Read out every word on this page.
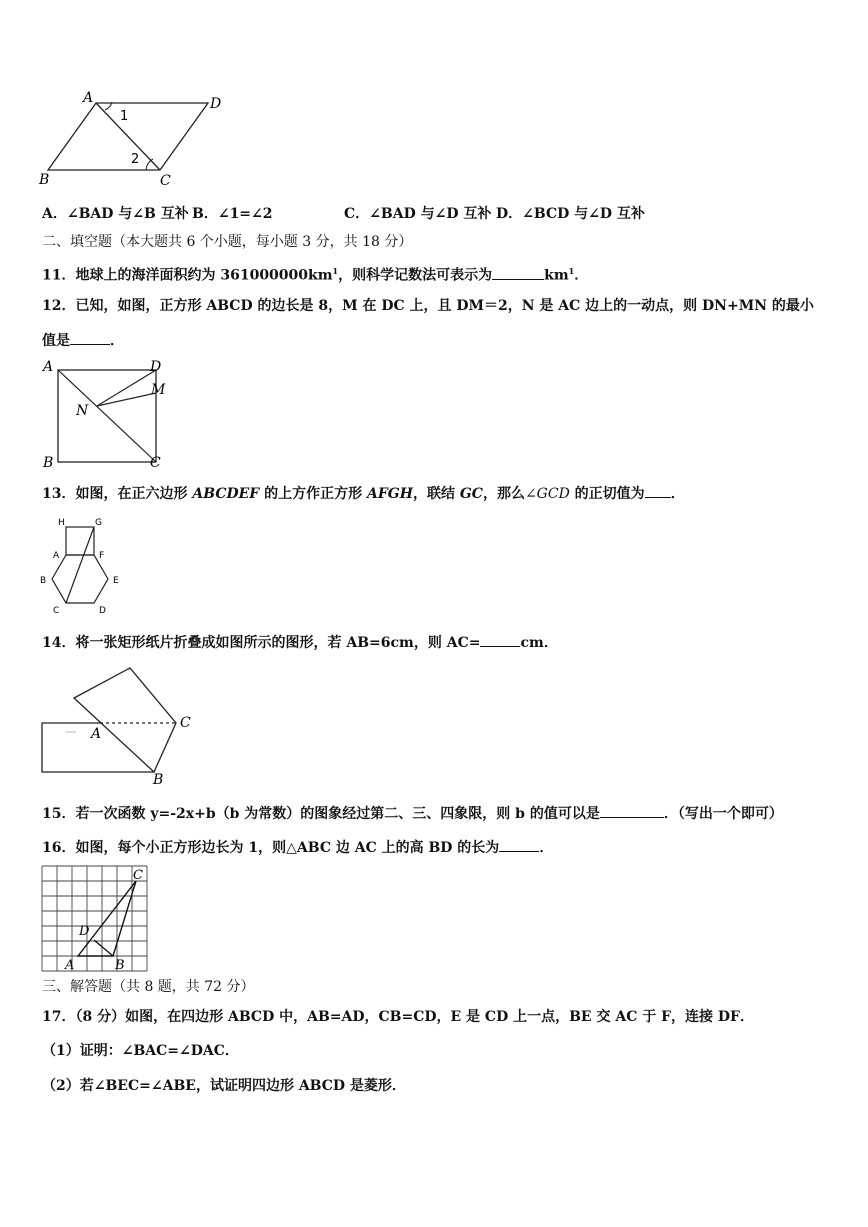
A	D
B	C
1
2
A．∠BAD 与∠B 互补 B．∠1=∠2	C．∠BAD 与∠D 互补 D．∠BCD 与∠D 互补
二、填空题（本大题共 6 个小题，每小题 3 分，共 18 分）
11．地球上的海洋面积约为 $361000000km^1$，则科学记数法可表示为	$km^1$．
12．已知，如图，正方形 ABCD 的边长是 8，M 在 DC 上，且 DM＝2，N 是 AC 边上的一动点，则 DN+MN 的最小
值是	．
A	D
M
N
B	C
13．如图，在正六边形 ABCDEF 的上方作正方形 AFGH，联结 GC，那么∠GCD 的正切值为 ．
H	G
A	F
B	E
C	D
14．将一张矩形纸片折叠成如图所示的图形，若 AB=6cm，则 AC=	cm．
A
C
B
15．若一次函数 y=-2x+b（b 为常数）的图象经过第二、三、四象限，则 b 的值可以是	．（写出一个即可）
16．如图，每个小正方形边长为 1，则△ABC 边 AC 上的高 BD 的长为	．
C
D
A	B
三、解答题（共 8 题，共 72 分）
17．（8 分）如图，在四边形 ABCD 中，AB=AD，CB=CD，E 是 CD 上一点，BE 交 AC 于 F，连接 DF．
（1）证明：∠BAC=∠DAC．
（2）若∠BEC=∠ABE，试证明四边形 ABCD 是菱形．
